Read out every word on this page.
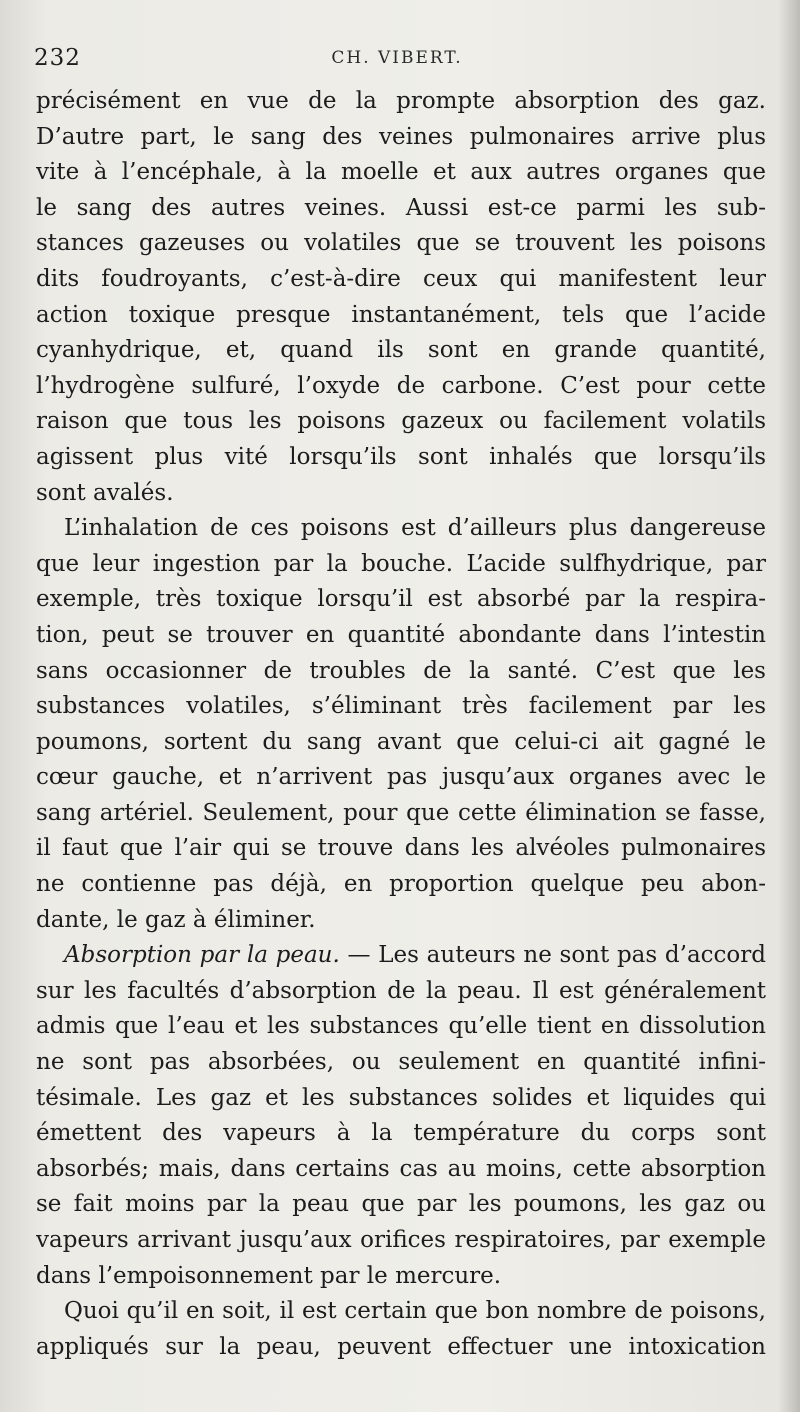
232	CH. VIBERT.
précisément en vue de la prompte absorption des gaz.
D’autre part, le sang des veines pulmonaires arrive plus
vite à l’encéphale, à la moelle et aux autres organes que
le sang des autres veines. Aussi est-ce parmi les sub-
stances gazeuses ou volatiles que se trouvent les poisons
dits foudroyants, c’est-à-dire ceux qui manifestent leur
action toxique presque instantanément, tels que l’acide
cyanhydrique, et, quand ils sont en grande quantité,
l’hydrogène sulfuré, l’oxyde de carbone. C’est pour cette
raison que tous les poisons gazeux ou facilement volatils
agissent plus vité lorsqu’ils sont inhalés que lorsqu’ils
sont avalés.
L’inhalation de ces poisons est d’ailleurs plus dangereuse
que leur ingestion par la bouche. L’acide sulfhydrique, par
exemple, très toxique lorsqu’il est absorbé par la respira-
tion, peut se trouver en quantité abondante dans l’intestin
sans occasionner de troubles de la santé. C’est que les
substances volatiles, s’éliminant très facilement par les
poumons, sortent du sang avant que celui-ci ait gagné le
cœur gauche, et n’arrivent pas jusqu’aux organes avec le
sang artériel. Seulement, pour que cette élimination se fasse,
il faut que l’air qui se trouve dans les alvéoles pulmonaires
ne contienne pas déjà, en proportion quelque peu abon-
dante, le gaz à éliminer.
Absorption par la peau. — Les auteurs ne sont pas d’accord
sur les facultés d’absorption de la peau. Il est généralement
admis que l’eau et les substances qu’elle tient en dissolution
ne sont pas absorbées, ou seulement en quantité infini-
tésimale. Les gaz et les substances solides et liquides qui
émettent des vapeurs à la température du corps sont
absorbés; mais, dans certains cas au moins, cette absorption
se fait moins par la peau que par les poumons, les gaz ou
vapeurs arrivant jusqu’aux orifices respiratoires, par exemple
dans l’empoisonnement par le mercure.
Quoi qu’il en soit, il est certain que bon nombre de poisons,
appliqués sur la peau, peuvent effectuer une intoxication
